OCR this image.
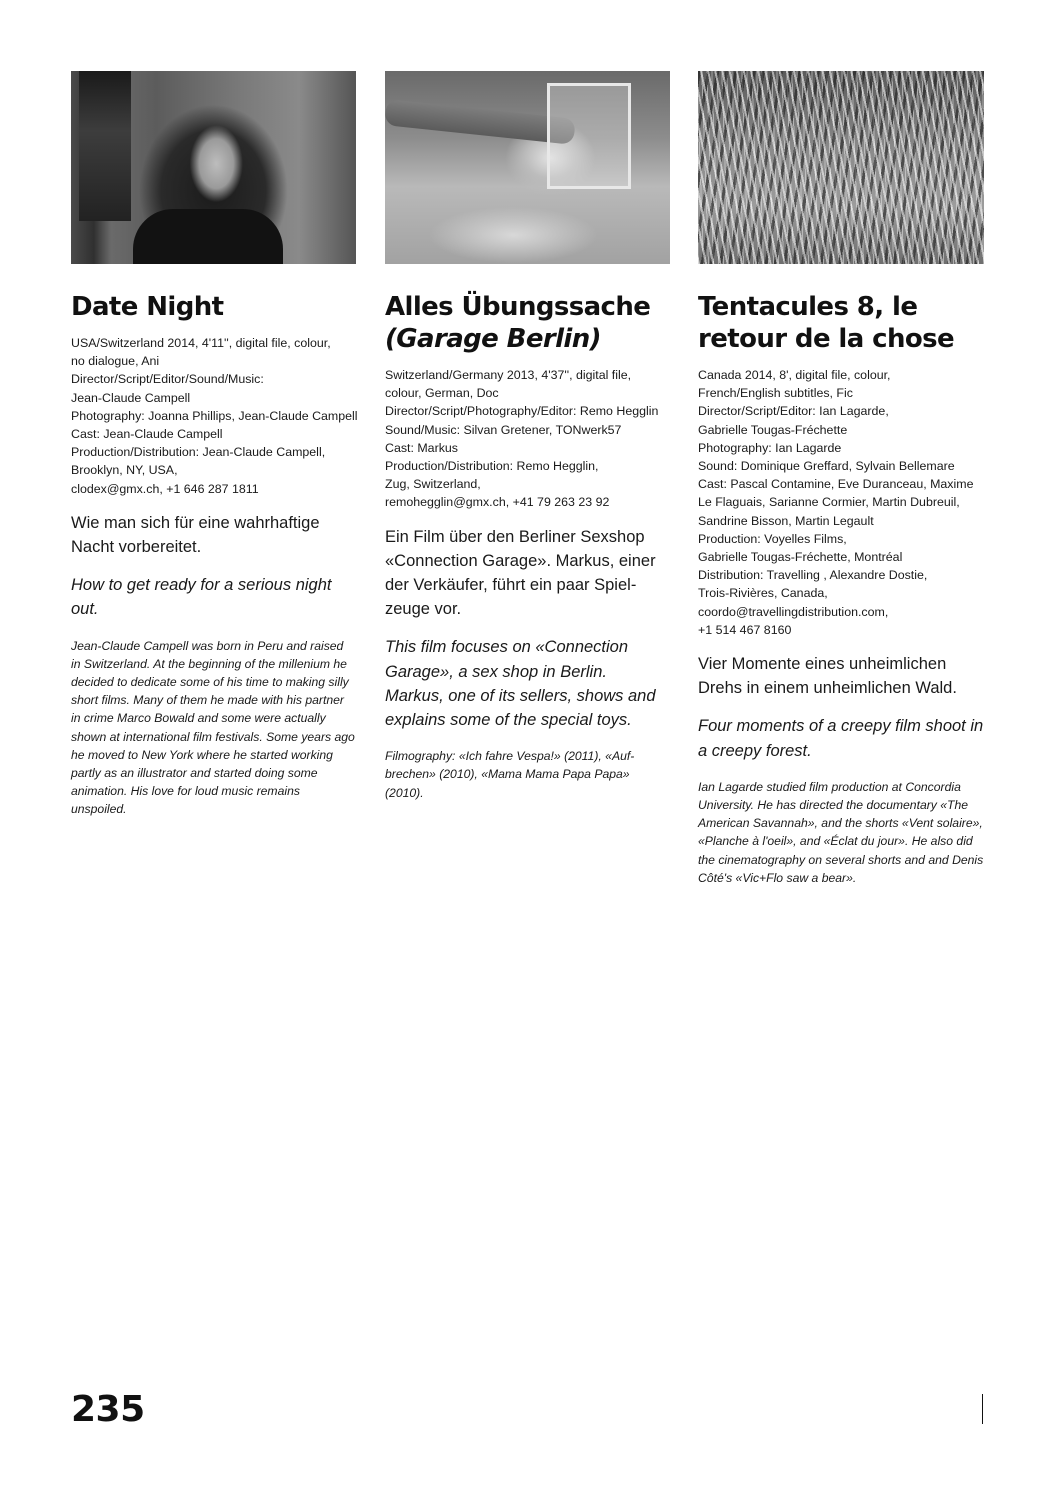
Date Night
USA/Switzerland 2014, 4'11'', digital file, colour,
no dialogue, Ani
Director/Script/Editor/Sound/Music:
Jean-Claude Campell
Photography: Joanna Phillips, Jean-Claude Campell
Cast: Jean-Claude Campell
Production/Distribution: Jean-Claude Campell,
Brooklyn, NY, USA,
clodex@gmx.ch, +1 646 287 1811
Wie man sich für eine wahrhaftige Nacht vorbereitet.
How to get ready for a serious night out.
Jean-Claude Campell was born in Peru and raised in Switzerland. At the beginning of the millenium he decided to dedicate some of his time to making silly short films. Many of them he made with his partner in crime Marco Bowald and some were actually shown at international film festivals. Some years ago he moved to New York where he started working partly as an illustrator and started doing some animation. His love for loud music remains unspoiled.
Alles Übungssache
(Garage Berlin)
Switzerland/Germany 2013, 4'37'', digital file,
colour, German, Doc
Director/Script/Photography/Editor: Remo Hegglin
Sound/Music: Silvan Gretener, TONwerk57
Cast: Markus
Production/Distribution: Remo Hegglin,
Zug, Switzerland,
remohegglin@gmx.ch, +41 79 263 23 92
Ein Film über den Berliner Sexshop «Connection Garage». Markus, einer der Verkäufer, führt ein paar Spiel-zeuge vor.
This film focuses on «Connection Garage», a sex shop in Berlin. Markus, one of its sellers, shows and explains some of the special toys.
Filmography: «Ich fahre Vespa!» (2011), «Auf-brechen» (2010), «Mama Mama Papa Papa» (2010).
Tentacules 8, le retour de la chose
Canada 2014, 8', digital file, colour,
French/English subtitles, Fic
Director/Script/Editor: Ian Lagarde,
Gabrielle Tougas-Fréchette
Photography: Ian Lagarde
Sound: Dominique Greffard, Sylvain Bellemare
Cast: Pascal Contamine, Eve Duranceau, Maxime
Le Flaguais, Sarianne Cormier, Martin Dubreuil,
Sandrine Bisson, Martin Legault
Production: Voyelles Films,
Gabrielle Tougas-Fréchette, Montréal
Distribution: Travelling , Alexandre Dostie,
Trois-Rivières, Canada,
coordo@travellingdistribution.com,
+1 514 467 8160
Vier Momente eines unheimlichen Drehs in einem unheimlichen Wald.
Four moments of a creepy film shoot in a creepy forest.
Ian Lagarde studied film production at Concordia University. He has directed the documentary «The American Savannah», and the shorts «Vent solaire», «Planche à l'oeil», and «Éclat du jour». He also did the cinematography on several shorts and and Denis Côté's «Vic+Flo saw a bear».
235
